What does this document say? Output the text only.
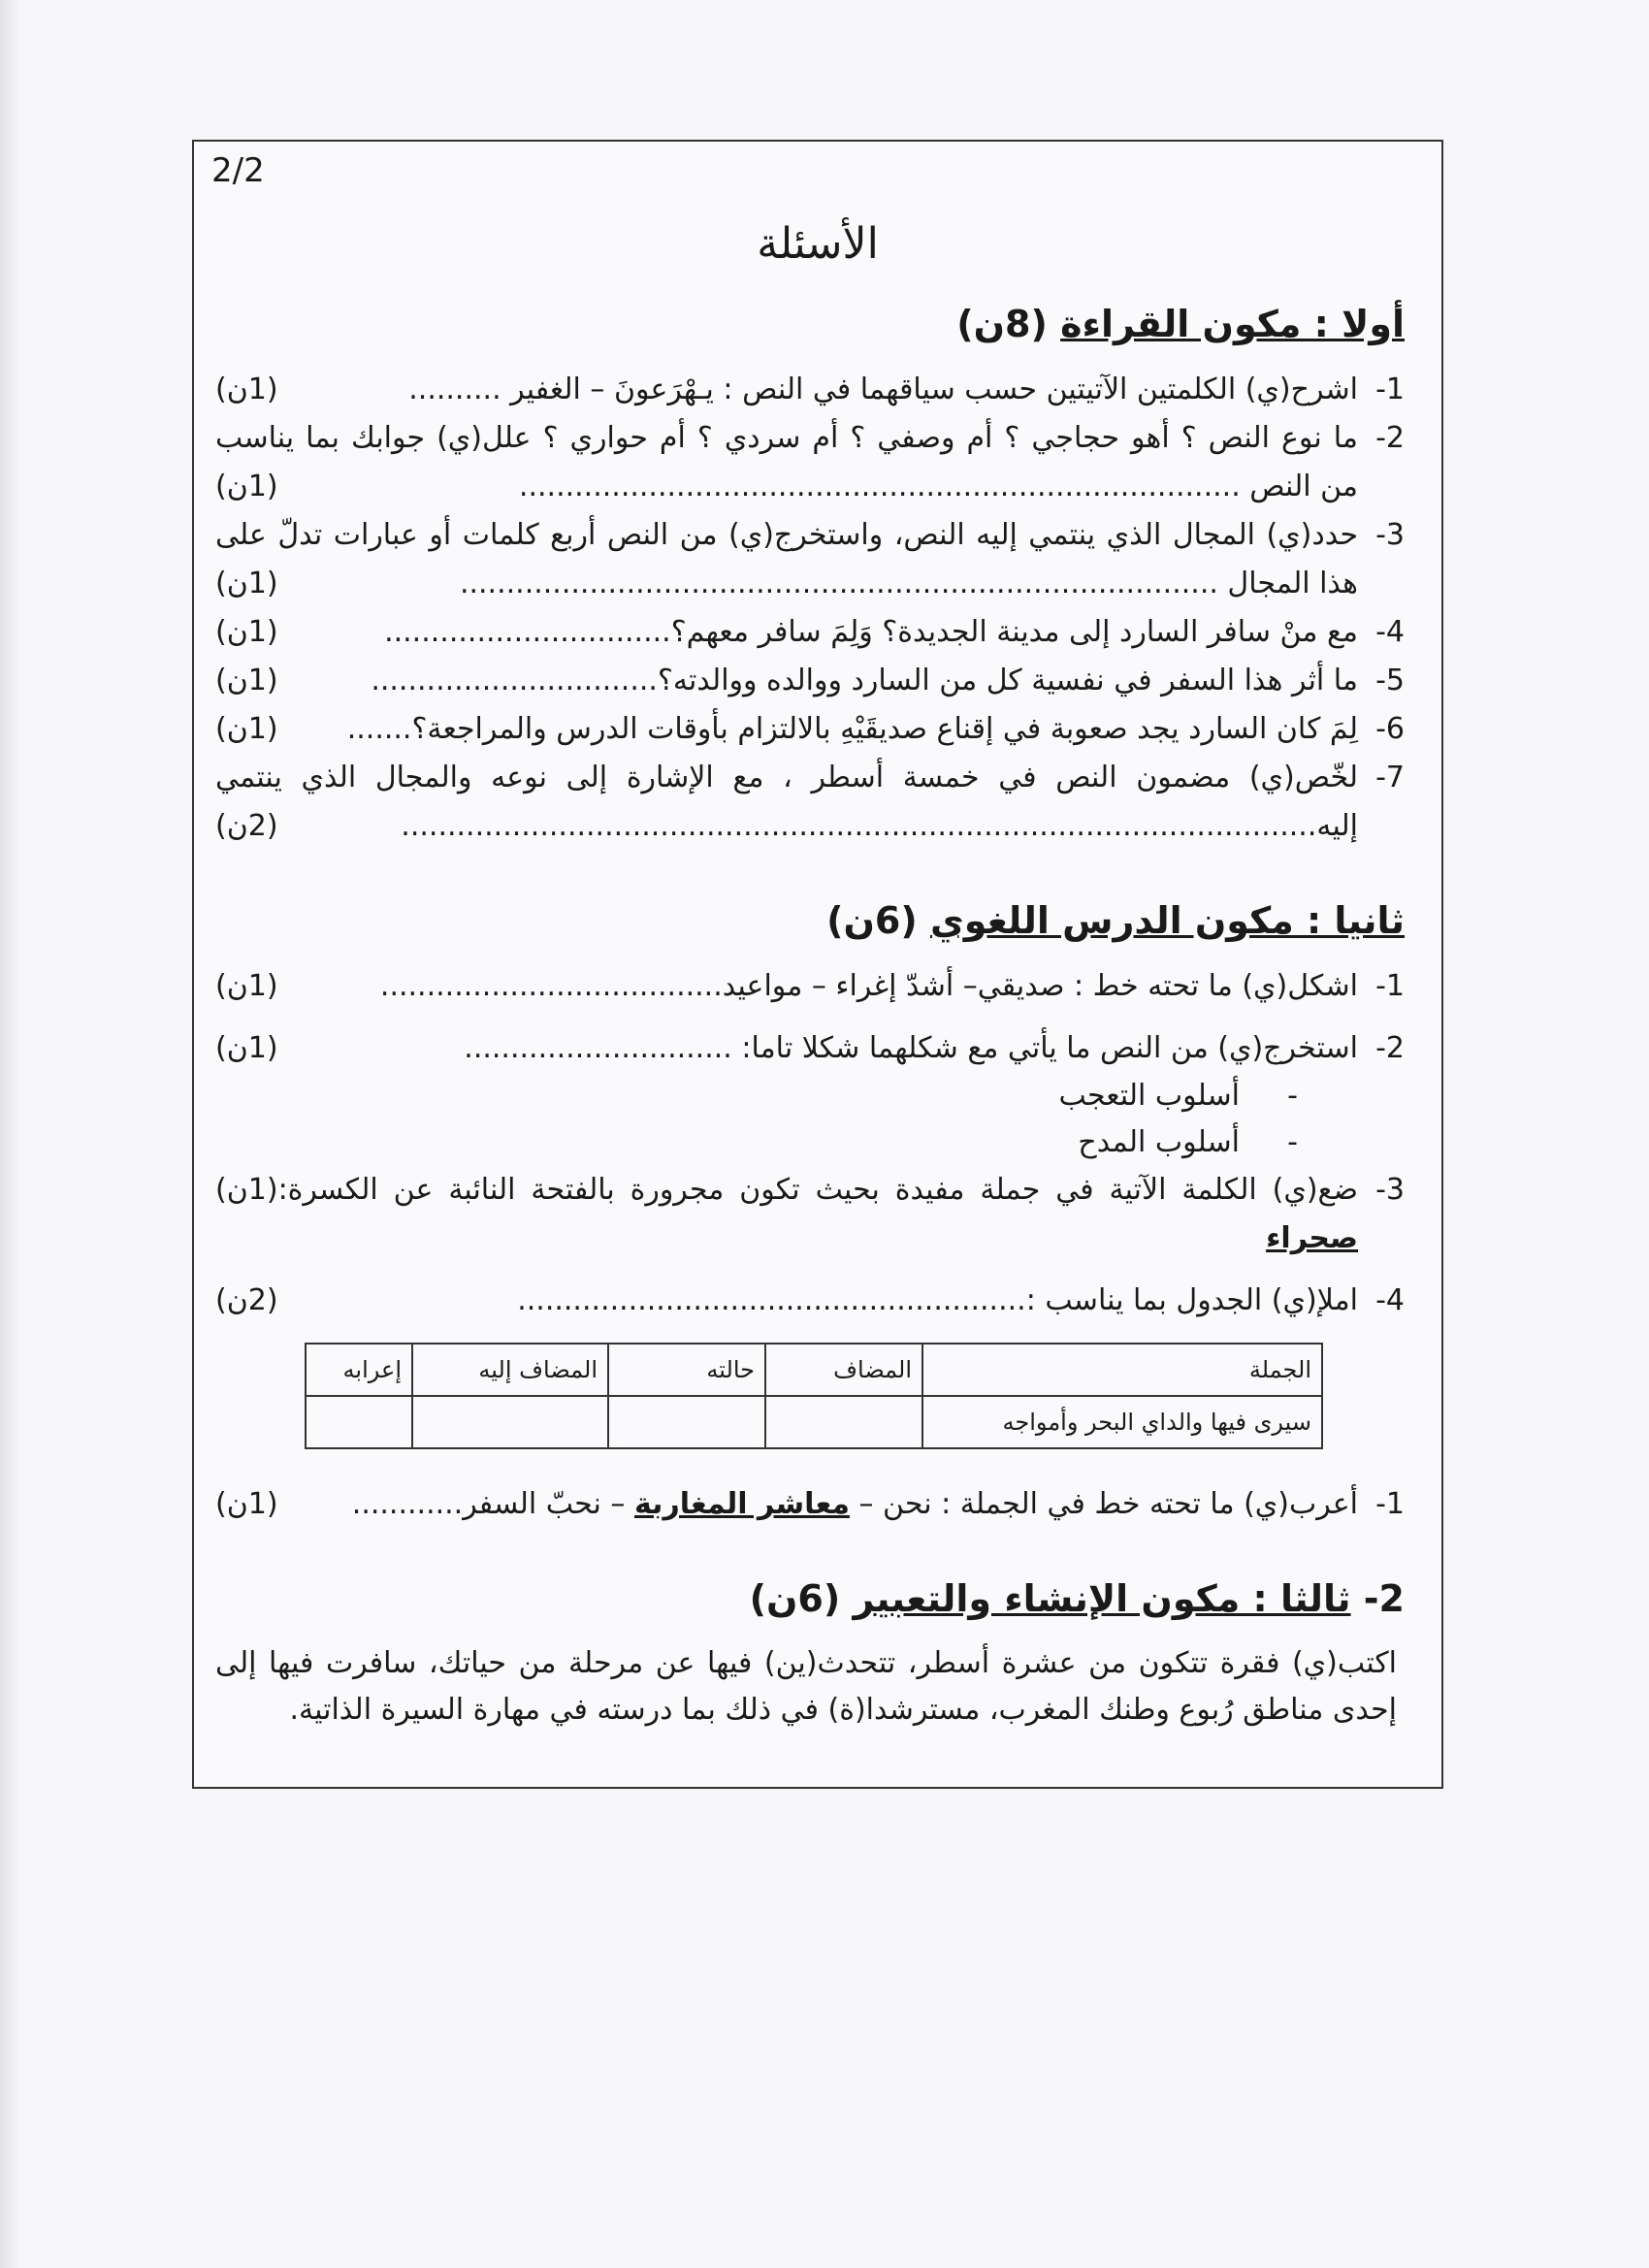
2/2
الأسئلة
أولا : مكون القراءة (8ن)
1-
(1ن)	اشرح(ي) الكلمتين الآتيتين حسب سياقهما في النص : يـهْرَعونَ – الغفير ..........
2-
ما نوع النص ؟ أهو حجاجي ؟ أم وصفي ؟ أم سردي ؟ أم حواري ؟ علل(ي) جوابك بما يناسب من النص ..............................................................................
(1ن)
3-
حدد(ي) المجال الذي ينتمي إليه النص، واستخرج(ي) من النص أربع كلمات أو عبارات تدلّ على هذا المجال ..................................................................................
(1ن)
4-
(1ن)	مع منْ سافر السارد إلى مدينة الجديدة؟ وَلِمَ سافر معهم؟...............................
5-
(1ن)	ما أثر هذا السفر في نفسية كل من السارد ووالده ووالدته؟...............................
6-
(1ن) لِمَ كان السارد يجد صعوبة في إقناع صديقَيْهِ بالالتزام بأوقات الدرس والمراجعة؟.......
7-
لخّص(ي) مضمون النص في خمسة أسطر ، مع الإشارة إلى نوعه والمجال الذي ينتمي إليه...................................................................................................
(2ن)
ثانيا : مكون الدرس اللغوي (6ن)
1-
(1ن)	اشكل(ي) ما تحته خط : صديقي– أشدّ إغراء – مواعيد.....................................
2-
(1ن)	استخرج(ي) من النص ما يأتي مع شكلهما شكلا تاما: .............................
-أسلوب التعجب
-أسلوب المدح
3-
(1ن) ضع(ي) الكلمة الآتية في جملة مفيدة بحيث تكون مجرورة بالفتحة النائبة عن الكسرة: صحراء
4-
(2ن)	املإ(ي) الجدول بما يناسب :.......................................................
الجملة	المضاف	حالته	المضاف إليه	إعرابه
سيرى فيها والداي البحر وأمواجه				
1-
(1ن)	أعرب(ي) ما تحته خط في الجملة : نحن – معاشر المغاربة – نحبّ السفر............
2- ثالثا : مكون الإنشاء والتعبير (6ن)
اكتب(ي) فقرة تتكون من عشرة أسطر، تتحدث(ين) فيها عن مرحلة من حياتك، سافرت فيها إلى إحدى مناطق رُبوع وطنك المغرب، مسترشدا(ة) في ذلك بما درسته في مهارة السيرة الذاتية.
